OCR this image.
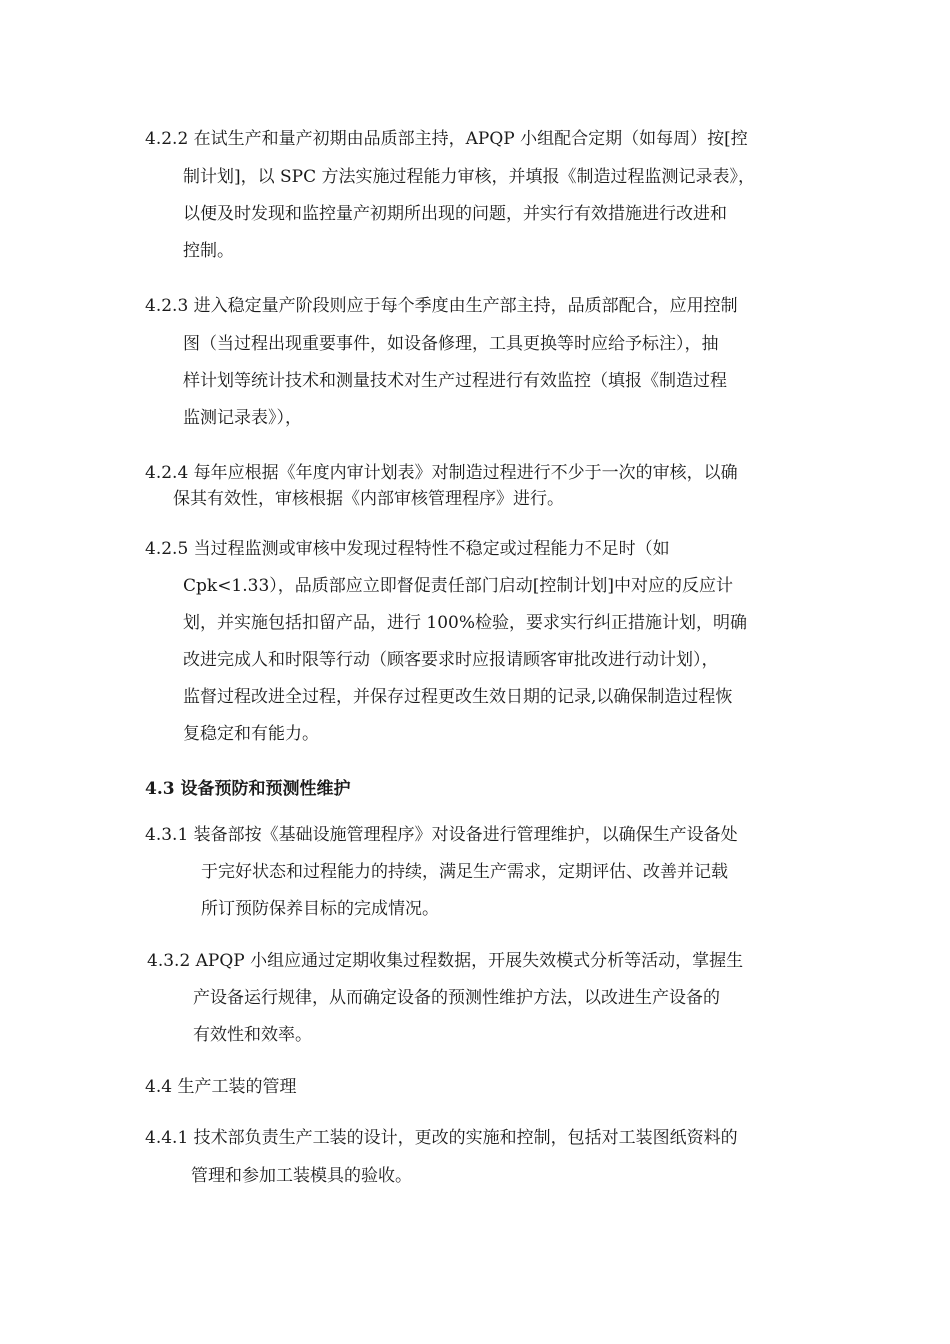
4.2.2 在试生产和量产初期由品质部主持，APQP 小组配合定期（如每周）按[控
制计划]，以 SPC 方法实施过程能力审核，并填报《制造过程监测记录表》，
以便及时发现和监控量产初期所出现的问题，并实行有效措施进行改进和
控制。
4.2.3 进入稳定量产阶段则应于每个季度由生产部主持，品质部配合，应用控制
图（当过程出现重要事件，如设备修理，工具更换等时应给予标注），抽
样计划等统计技术和测量技术对生产过程进行有效监控（填报《制造过程
监测记录表》），
4.2.4 每年应根据《年度内审计划表》对制造过程进行不少于一次的审核，以确
保其有效性，审核根据《内部审核管理程序》进行。
4.2.5 当过程监测或审核中发现过程特性不稳定或过程能力不足时（如
Cpk<1.33），品质部应立即督促责任部门启动[控制计划]中对应的反应计
划，并实施包括扣留产品，进行 100%检验，要求实行纠正措施计划，明确
改进完成人和时限等行动（顾客要求时应报请顾客审批改进行动计划），
监督过程改进全过程，并保存过程更改生效日期的记录,以确保制造过程恢
复稳定和有能力。
4.3 设备预防和预测性维护
4.3.1 装备部按《基础设施管理程序》对设备进行管理维护，以确保生产设备处
于完好状态和过程能力的持续，满足生产需求，定期评估、改善并记载
所订预防保养目标的完成情况。
4.3.2 APQP 小组应通过定期收集过程数据，开展失效模式分析等活动，掌握生
产设备运行规律，从而确定设备的预测性维护方法，以改进生产设备的
有效性和效率。
4.4 生产工装的管理
4.4.1 技术部负责生产工装的设计，更改的实施和控制，包括对工装图纸资料的
管理和参加工装模具的验收。
